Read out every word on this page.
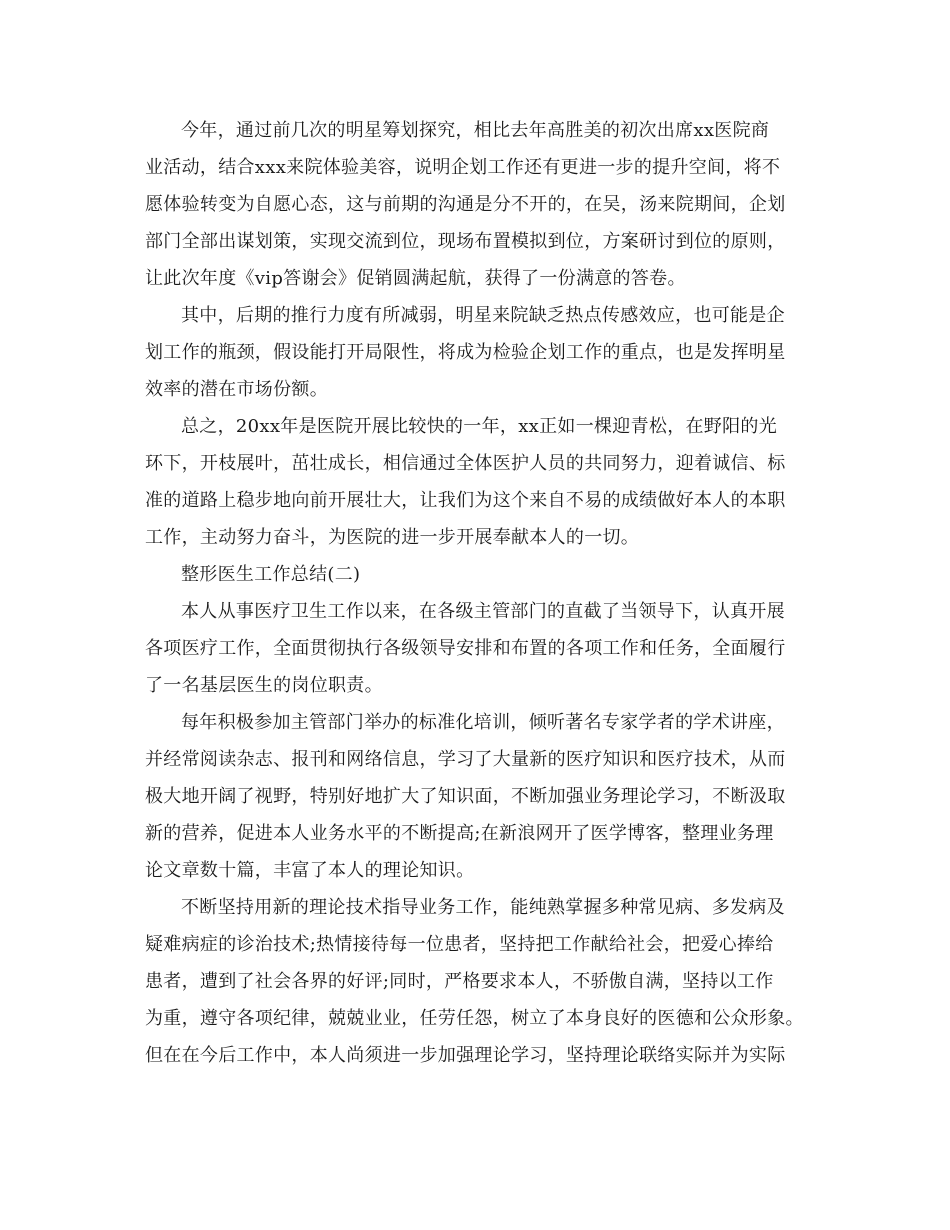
今年，通过前几次的明星筹划探究，相比去年高胜美的初次出席xx医院商
业活动，结合xxx来院体验美容，说明企划工作还有更进一步的提升空间，将不
愿体验转变为自愿心态，这与前期的沟通是分不开的，在吴，汤来院期间，企划
部门全部出谋划策，实现交流到位，现场布置模拟到位，方案研讨到位的原则，
让此次年度《vip答谢会》促销圆满起航，获得了一份满意的答卷。
其中，后期的推行力度有所减弱，明星来院缺乏热点传感效应，也可能是企
划工作的瓶颈，假设能打开局限性，将成为检验企划工作的重点，也是发挥明星
效率的潜在市场份额。
总之，20xx年是医院开展比较快的一年，xx正如一棵迎青松，在野阳的光
环下，开枝展叶，茁壮成长，相信通过全体医护人员的共同努力，迎着诚信、标
准的道路上稳步地向前开展壮大，让我们为这个来自不易的成绩做好本人的本职
工作，主动努力奋斗，为医院的进一步开展奉献本人的一切。
整形医生工作总结(二)
本人从事医疗卫生工作以来，在各级主管部门的直截了当领导下，认真开展
各项医疗工作，全面贯彻执行各级领导安排和布置的各项工作和任务，全面履行
了一名基层医生的岗位职责。
每年积极参加主管部门举办的标准化培训，倾听著名专家学者的学术讲座，
并经常阅读杂志、报刊和网络信息，学习了大量新的医疗知识和医疗技术，从而
极大地开阔了视野，特别好地扩大了知识面，不断加强业务理论学习，不断汲取
新的营养，促进本人业务水平的不断提高;在新浪网开了医学博客，整理业务理
论文章数十篇，丰富了本人的理论知识。
不断坚持用新的理论技术指导业务工作，能纯熟掌握多种常见病、多发病及
疑难病症的诊治技术;热情接待每一位患者，坚持把工作献给社会，把爱心捧给
患者，遭到了社会各界的好评;同时，严格要求本人，不骄傲自满，坚持以工作
为重，遵守各项纪律，兢兢业业，任劳任怨，树立了本身良好的医德和公众形象。
但在在今后工作中，本人尚须进一步加强理论学习，坚持理论联络实际并为实际
